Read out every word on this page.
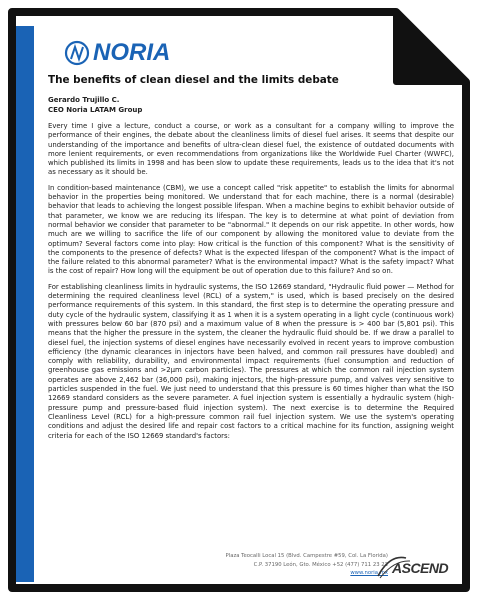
NORIA
The benefits of clean diesel and the limits debate
Gerardo Trujillo C.
CEO Noria LATAM Group

Every time I give a lecture, conduct a course, or work as a consultant for a company willing to improve the performance of their engines, the debate about the cleanliness limits of diesel fuel arises. It seems that despite our understanding of the importance and benefits of ultra-clean diesel fuel, the existence of outdated documents with more lenient requirements, or even recommendations from organizations like the Worldwide Fuel Charter (WWFC), which published its limits in 1998 and has been slow to update these requirements, leads us to the idea that it's not as necessary as it should be.

In condition-based maintenance (CBM), we use a concept called "risk appetite" to establish the limits for abnormal behavior in the properties being monitored. We understand that for each machine, there is a normal (desirable) behavior that leads to achieving the longest possible lifespan. When a machine begins to exhibit behavior outside of that parameter, we know we are reducing its lifespan. The key is to determine at what point of deviation from normal behavior we consider that parameter to be "abnormal." It depends on our risk appetite. In other words, how much are we willing to sacrifice the life of our component by allowing the monitored value to deviate from the optimum? Several factors come into play: How critical is the function of this component? What is the sensitivity of the components to the presence of defects? What is the expected lifespan of the component? What is the impact of the failure related to this abnormal parameter? What is the environmental impact? What is the safety impact? What is the cost of repair? How long will the equipment be out of operation due to this failure? And so on.

For establishing cleanliness limits in hydraulic systems, the ISO 12669 standard, "Hydraulic fluid power — Method for determining the required cleanliness level (RCL) of a system," is used, which is based precisely on the desired performance requirements of this system. In this standard, the first step is to determine the operating pressure and duty cycle of the hydraulic system, classifying it as 1 when it is a system operating in a light cycle (continuous work) with pressures below 60 bar (870 psi) and a maximum value of 8 when the pressure is > 400 bar (5,801 psi). This means that the higher the pressure in the system, the cleaner the hydraulic fluid should be. If we draw a parallel to diesel fuel, the injection systems of diesel engines have necessarily evolved in recent years to improve combustion efficiency (the dynamic clearances in injectors have been halved, and common rail pressures have doubled) and comply with reliability, durability, and environmental impact requirements (fuel consumption and reduction of greenhouse gas emissions and >2µm carbon particles). The pressures at which the common rail injection system operates are above 2,462 bar (36,000 psi), making injectors, the high-pressure pump, and valves very sensitive to particles suspended in the fuel. We just need to understand that this pressure is 60 times higher than what the ISO 12669 standard considers as the severe parameter. A fuel injection system is essentially a hydraulic system (high-pressure pump and pressure-based fluid injection system). The next exercise is to determine the Required Cleanliness Level (RCL) for a high-pressure common rail fuel injection system. We use the system's operating conditions and adjust the desired life and repair cost factors to a critical machine for its function, assigning weight criteria for each of the ISO 12669 standard's factors:

Plaza Teocalli Local 15 (Blvd. Campestre #59, Col. La Florida)
C.P. 37190 León, Gto. México +52 (477) 711 23 23
www.noria.mx ASCEND
